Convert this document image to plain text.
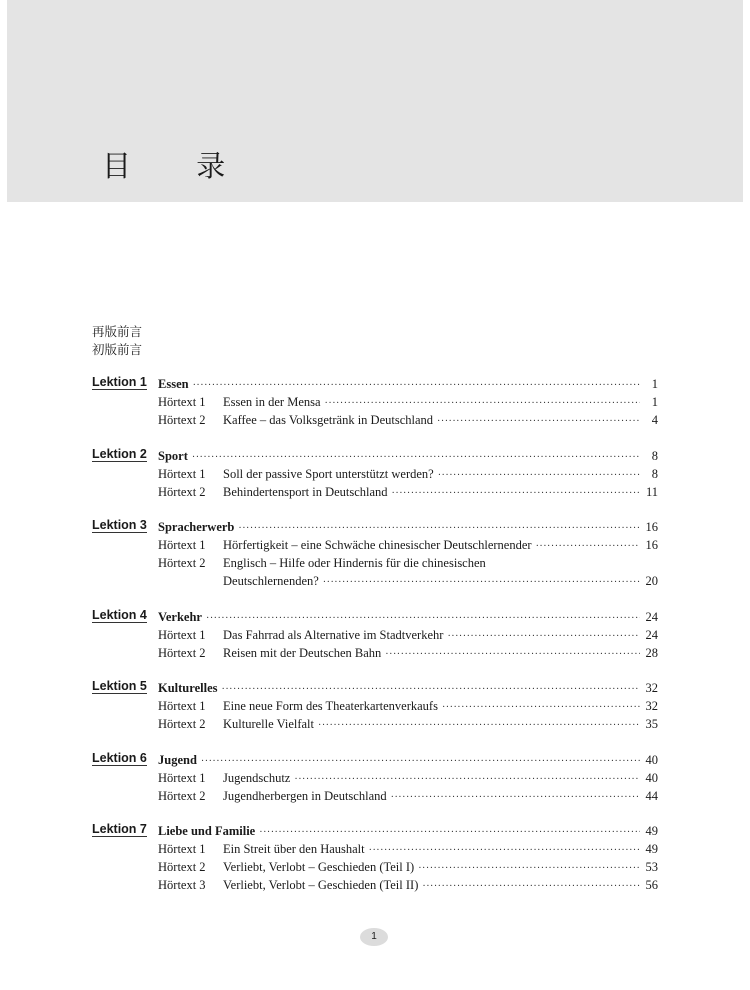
目 录
再版前言
初版前言
Lektion 1 Essen ·····	1
Hörtext 1	Essen in der Mensa ·····	1
Hörtext 2	Kaffee – das Volksgetränk in Deutschland ·····	4
Lektion 2 Sport ·····	8
Hörtext 1	Soll der passive Sport unterstützt werden? ·····	8
Hörtext 2	Behindertensport in Deutschland ·····	11
Lektion 3 Spracherwerb ·····	16
Hörtext 1	Hörfertigkeit – eine Schwäche chinesischer Deutschlernender ·····	16
Hörtext 2	Englisch – Hilfe oder Hindernis für die chinesischen
Deutschlernenden? ·····	20
Lektion 4 Verkehr ·····	24
Hörtext 1	Das Fahrrad als Alternative im Stadtverkehr ·····	24
Hörtext 2	Reisen mit der Deutschen Bahn ·····	28
Lektion 5 Kulturelles ·····	32
Hörtext 1	Eine neue Form des Theaterkartenverkaufs ·····	32
Hörtext 2	Kulturelle Vielfalt ·····	35
Lektion 6 Jugend ·····	40
Hörtext 1	Jugendschutz ·····	40
Hörtext 2	Jugendherbergen in Deutschland ·····	44
Lektion 7 Liebe und Familie ·····	49
Hörtext 1	Ein Streit über den Haushalt ·····	49
Hörtext 2	Verliebt, Verlobt – Geschieden (Teil I) ·····	53
Hörtext 3	Verliebt, Verlobt – Geschieden (Teil II) ·····	56
1
